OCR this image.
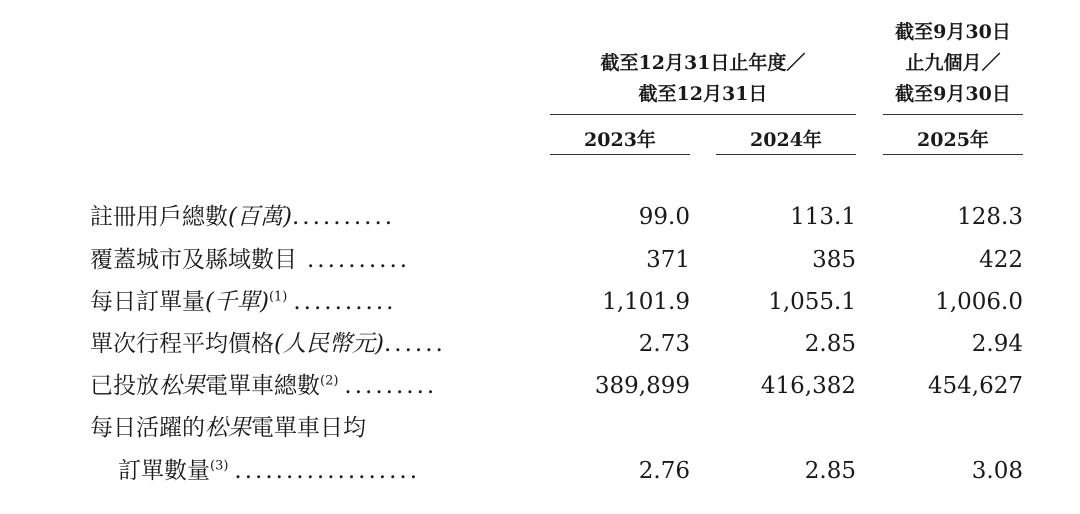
截至12月31日止年度／
截至12月31日
截至9月30日
止九個月／
截至9月30日
2023年	2024年	2025年
註冊用戶總數(百萬)..........	99.0	113.1	128.3
覆蓋城市及縣域數目 ..........	371	385	422
每日訂單量(千單)$^{(1)}$ ..........	1,101.9	1,055.1	1,006.0
單次行程平均價格(人民幣元)......	2.73	2.85	2.94
已投放松果電單車總數$^{(2)}$ .........	389,899	416,382	454,627
每日活躍的松果電單車日均
訂單數量$^{(3)}$ ..................	2.76	2.85	3.08
